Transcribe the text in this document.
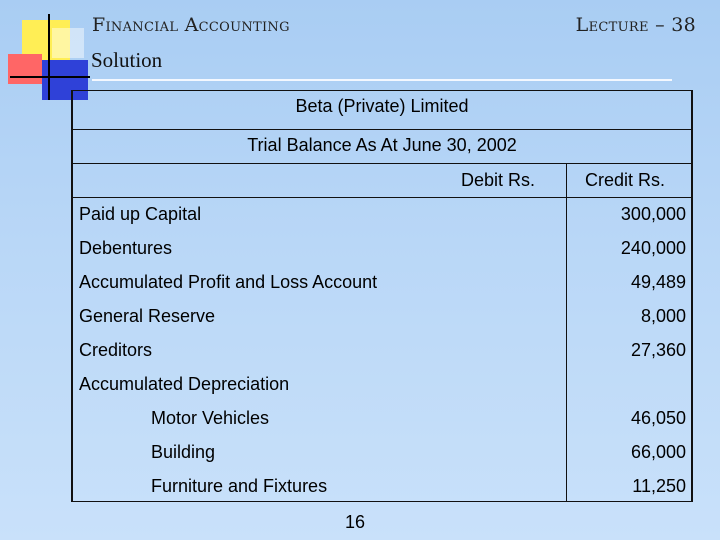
Financial Accounting	Lecture – 38
Solution
Beta (Private) Limited
Trial Balance As At June 30, 2002
Debit Rs.	Credit Rs.
Paid up Capital	300,000
Debentures	240,000
Accumulated Profit and Loss Account	49,489
General Reserve	8,000
Creditors	27,360
Accumulated Depreciation
Motor Vehicles	46,050
Building	66,000
Furniture and Fixtures	11,250
16
